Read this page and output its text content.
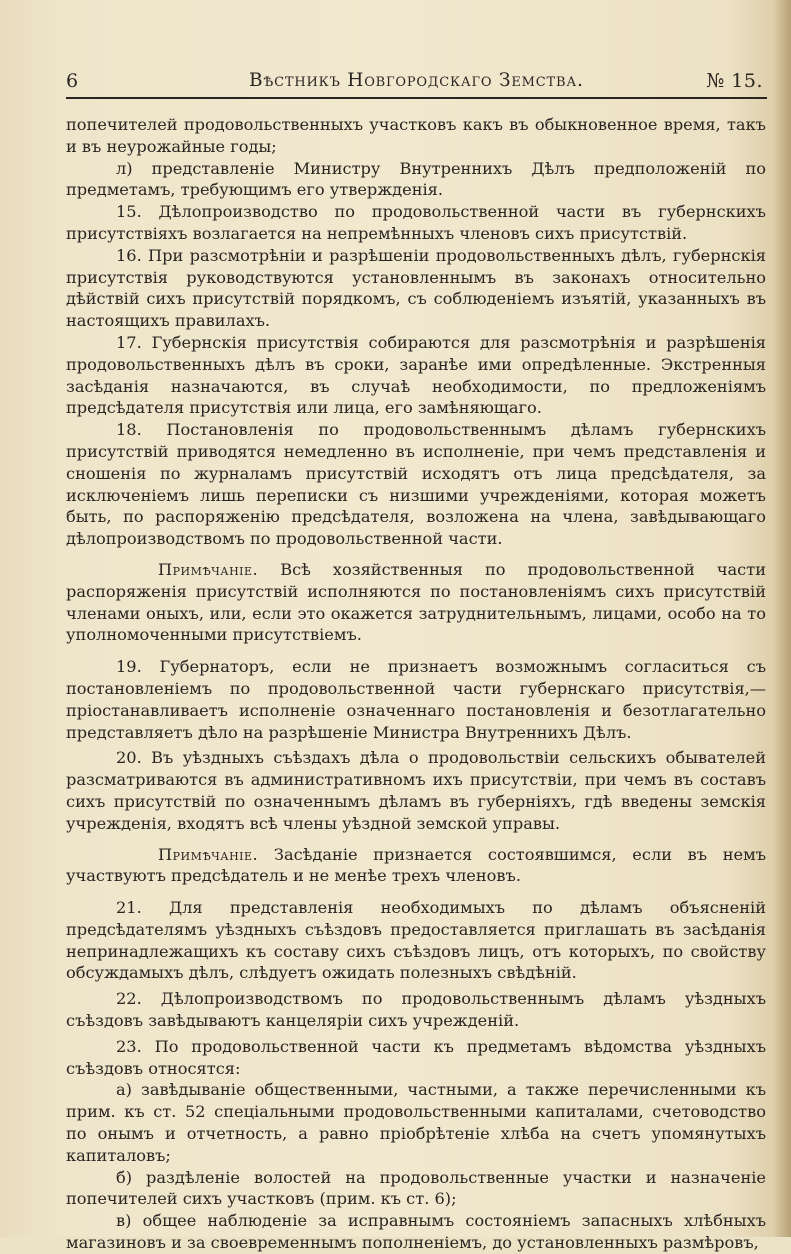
6	Вѣстникъ Новгородскаго Земства.	№ 15.

попечителей продовольственныхъ участковъ какъ въ обыкновенное время, такъ и въ неурожайные годы;

л) представленіе Министру Внутреннихъ Дѣлъ предположеній по предметамъ, требующимъ его утвержденія.

15. Дѣлопроизводство по продовольственной части въ губернскихъ присутствіяхъ возлагается на непремѣнныхъ членовъ сихъ присутствій.

16. При разсмотрѣніи и разрѣшеніи продовольственныхъ дѣлъ, губернскія присутствія руководствуются установленнымъ въ законахъ относительно дѣйствій сихъ присутствій порядкомъ, съ соблюденіемъ изъятій, указанныхъ въ настоящихъ правилахъ.

17. Губернскія присутствія собираются для разсмотрѣнія и разрѣшенія продовольственныхъ дѣлъ въ сроки, заранѣе ими опредѣленные. Экстренныя засѣданія назначаются, въ случаѣ необходимости, по предложеніямъ предсѣдателя присутствія или лица, его замѣняющаго.

18. Постановленія по продовольственнымъ дѣламъ губернскихъ присутствій приводятся немедленно въ исполненіе, при чемъ представленія и сношенія по журналамъ присутствій исходятъ отъ лица предсѣдателя, за исключеніемъ лишь переписки съ низшими учрежденіями, которая можетъ быть, по распоряженію предсѣдателя, возложена на члена, завѣдывающаго дѣлопроизводствомъ по продовольственной части.

Примѣчаніе. Всѣ хозяйственныя по продовольственной части распоряженія присутствій исполняются по постановленіямъ сихъ присутствій членами оныхъ, или, если это окажется затруднительнымъ, лицами, особо на то уполномоченными присутствіемъ.

19. Губернаторъ, если не признаетъ возможнымъ согласиться съ постановленіемъ по продовольственной части губернскаго присутствія,—пріостанавливаетъ исполненіе означеннаго постановленія и безотлагательно представляетъ дѣло на разрѣшеніе Министра Внутреннихъ Дѣлъ.

20. Въ уѣздныхъ съѣздахъ дѣла о продовольствіи сельскихъ обывателей разсматриваются въ административномъ ихъ присутствіи, при чемъ въ составъ сихъ присутствій по означеннымъ дѣламъ въ губерніяхъ, гдѣ введены земскія учрежденія, входятъ всѣ члены уѣздной земской управы.

Примѣчаніе. Засѣданіе признается состоявшимся, если въ немъ участвуютъ предсѣдатель и не менѣе трехъ членовъ.

21. Для представленія необходимыхъ по дѣламъ объясненій предсѣдателямъ уѣздныхъ съѣздовъ предоставляется приглашать въ засѣданія непринадлежащихъ къ составу сихъ съѣздовъ лицъ, отъ которыхъ, по свойству обсуждамыхъ дѣлъ, слѣдуетъ ожидать полезныхъ свѣдѣній.

22. Дѣлопроизводствомъ по продовольственнымъ дѣламъ уѣздныхъ съѣздовъ завѣдываютъ канцеляріи сихъ учрежденій.

23. По продовольственной части къ предметамъ вѣдомства уѣздныхъ съѣздовъ относятся:

а) завѣдываніе общественными, частными, а также перечисленными къ прим. къ ст. 52 спеціальными продовольственными капиталами, счетоводство по онымъ и отчетность, а равно пріобрѣтеніе хлѣба на счетъ упомянутыхъ капиталовъ;

б) раздѣленіе волостей на продовольственные участки и назначеніе попечителей сихъ участковъ (прим. къ ст. 6);

в) общее наблюденіе за исправнымъ состояніемъ запасныхъ хлѣбныхъ магазиновъ и за своевременнымъ пополненіемъ, до установленныхъ размѣровъ,
